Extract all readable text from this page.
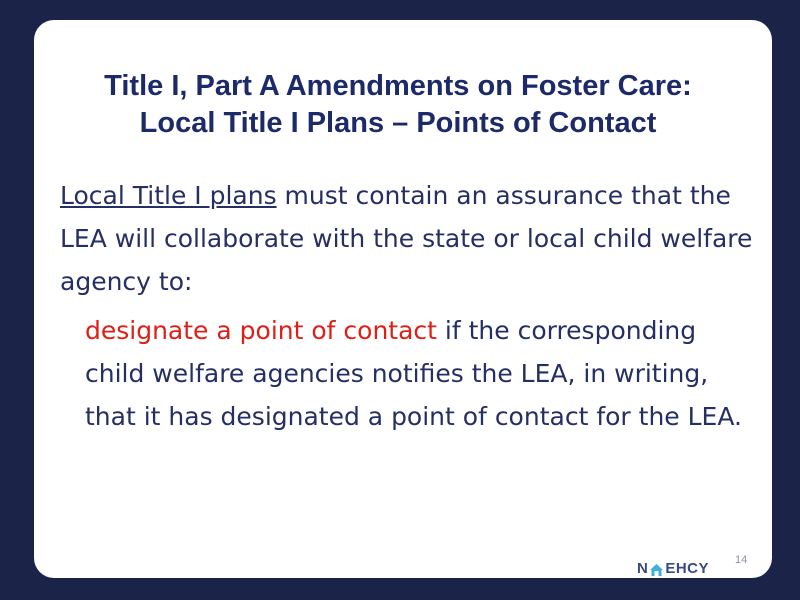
Title I, Part A Amendments on Foster Care:
Local Title I Plans – Points of Contact

Local Title I plans must contain an assurance that the LEA will collaborate with the state or local child welfare agency to:

designate a point of contact if the corresponding child welfare agencies notifies the LEA, in writing, that it has designated a point of contact for the LEA.

N EHCY 14
